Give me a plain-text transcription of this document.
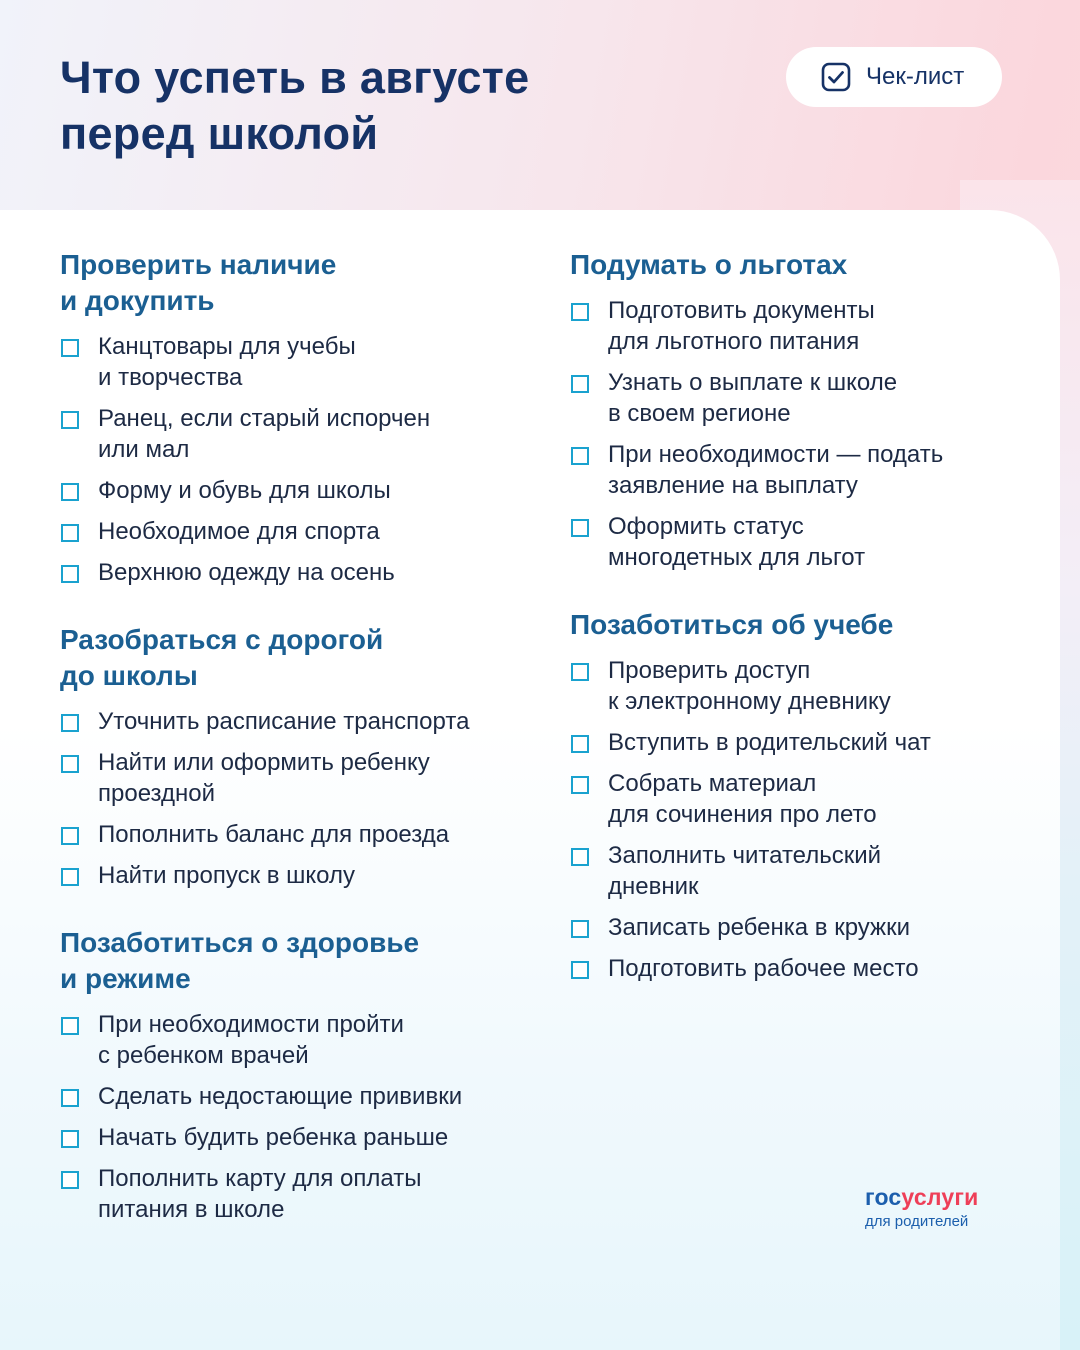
Что успеть в августе
перед школой
Чек-лист
Проверить наличие
и докупить
Канцтовары для учебы
и творчества
Ранец, если старый испорчен
или мал
Форму и обувь для школы
Необходимое для спорта
Верхнюю одежду на осень
Разобраться с дорогой
до школы
Уточнить расписание транспорта
Найти или оформить ребенку
проездной
Пополнить баланс для проезда
Найти пропуск в школу
Позаботиться о здоровье
и режиме
При необходимости пройти
с ребенком врачей
Сделать недостающие прививки
Начать будить ребенка раньше
Пополнить карту для оплаты
питания в школе
Подумать о льготах
Подготовить документы
для льготного питания
Узнать о выплате к школе
в своем регионе
При необходимости — подать
заявление на выплату
Оформить статус
многодетных для льгот
Позаботиться об учебе
Проверить доступ
к электронному дневнику
Вступить в родительский чат
Собрать материал
для сочинения про лето
Заполнить читательский
дневник
Записать ребенка в кружки
Подготовить рабочее место
госуслуги
для родителей
